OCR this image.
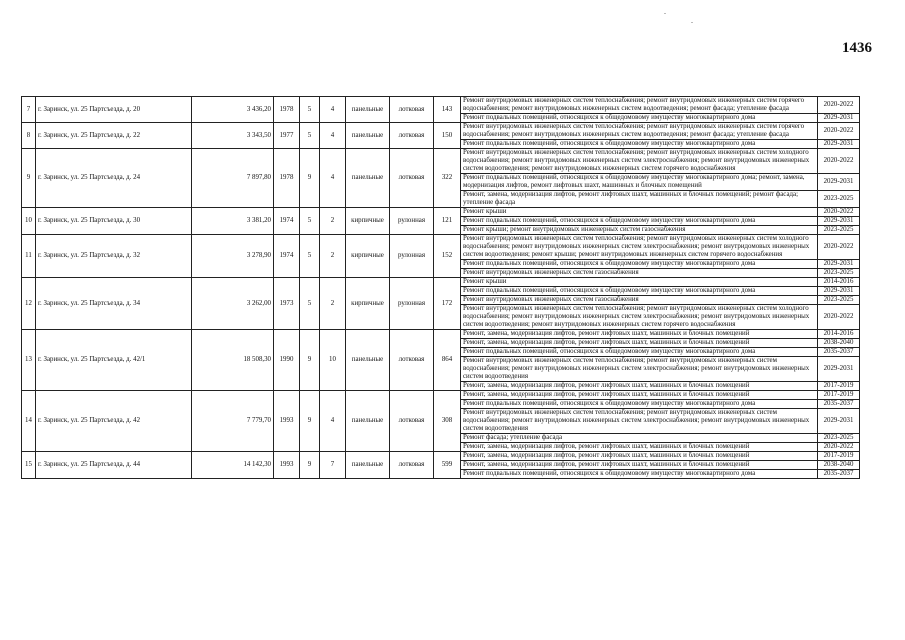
1436
7	г. Заринск, ул. 25 Партсъезда, д. 20	3 436,20	1978	5	4	панельные	лотковая	143	Ремонт внутридомовых инженерных систем теплоснабжения; ремонт внутридомовых инженерных систем горячего водоснабжения; ремонт внутридомовых инженерных систем водоотведения; ремонт фасада; утепление фасада	2020-2022
									Ремонт подвальных помещений, относящихся к общедомовому имуществу многоквартирного дома	2029-2031
8	г. Заринск, ул. 25 Партсъезда, д. 22	3 343,50	1977	5	4	панельные	лотковая	150	Ремонт внутридомовых инженерных систем теплоснабжения; ремонт внутридомовых инженерных систем горячего водоснабжения; ремонт внутридомовых инженерных систем водоотведения; ремонт фасада; утепление фасада	2020-2022
									Ремонт подвальных помещений, относящихся к общедомовому имуществу многоквартирного дома	2029-2031
9	г. Заринск, ул. 25 Партсъезда, д. 24	7 897,80	1978	9	4	панельные	лотковая	322	Ремонт внутридомовых инженерных систем теплоснабжения; ремонт внутридомовых инженерных систем холодного водоснабжения; ремонт внутридомовых инженерных систем электроснабжения; ремонт внутридомовых инженерных систем водоотведения; ремонт внутридомовых инженерных систем горячего водоснабжения	2020-2022
									Ремонт подвальных помещений, относящихся к общедомовому имуществу многоквартирного дома; ремонт, замена, модернизация лифтов, ремонт лифтовых шахт, машинных и блочных помещений	2029-2031
									Ремонт, замена, модернизация лифтов, ремонт лифтовых шахт, машинных и блочных помещений; ремонт фасада; утепление фасада	2023-2025
10	г. Заринск, ул. 25 Партсъезда, д. 30	3 381,20	1974	5	2	кирпичные	рулонная	121	Ремонт крыши	2020-2022
									Ремонт подвальных помещений, относящихся к общедомовому имуществу многоквартирного дома	2029-2031
									Ремонт крыши; ремонт внутридомовых инженерных систем газоснабжения	2023-2025
11	г. Заринск, ул. 25 Партсъезда, д. 32	3 278,90	1974	5	2	кирпичные	рулонная	152	Ремонт внутридомовых инженерных систем теплоснабжения; ремонт внутридомовых инженерных систем холодного водоснабжения; ремонт внутридомовых инженерных систем электроснабжения; ремонт внутридомовых инженерных систем водоотведения; ремонт крыши; ремонт внутридомовых инженерных систем горячего водоснабжения	2020-2022
									Ремонт подвальных помещений, относящихся к общедомовому имуществу многоквартирного дома	2029-2031
									Ремонт внутридомовых инженерных систем газоснабжения	2023-2025
12	г. Заринск, ул. 25 Партсъезда, д. 34	3 262,00	1973	5	2	кирпичные	рулонная	172	Ремонт крыши	2014-2016
									Ремонт подвальных помещений, относящихся к общедомовому имуществу многоквартирного дома	2029-2031
									Ремонт внутридомовых инженерных систем газоснабжения	2023-2025
									Ремонт внутридомовых инженерных систем теплоснабжения; ремонт внутридомовых инженерных систем холодного водоснабжения; ремонт внутридомовых инженерных систем электроснабжения; ремонт внутридомовых инженерных систем водоотведения; ремонт внутридомовых инженерных систем горячего водоснабжения	2020-2022
13	г. Заринск, ул. 25 Партсъезда, д. 42/1	18 508,30	1990	9	10	панельные	лотковая	864	Ремонт, замена, модернизация лифтов, ремонт лифтовых шахт, машинных и блочных помещений	2014-2016
									Ремонт, замена, модернизация лифтов, ремонт лифтовых шахт, машинных и блочных помещений	2038-2040
									Ремонт подвальных помещений, относящихся к общедомовому имуществу многоквартирного дома	2035-2037
									Ремонт внутридомовых инженерных систем теплоснабжения; ремонт внутридомовых инженерных систем водоснабжения; ремонт внутридомовых инженерных систем электроснабжения; ремонт внутридомовых инженерных систем водоотведения	2029-2031
									Ремонт, замена, модернизация лифтов, ремонт лифтовых шахт, машинных и блочных помещений	2017-2019
14	г. Заринск, ул. 25 Партсъезда, д. 42	7 779,70	1993	9	4	панельные	лотковая	308	Ремонт, замена, модернизация лифтов, ремонт лифтовых шахт, машинных и блочных помещений	2017-2019
									Ремонт подвальных помещений, относящихся к общедомовому имуществу многоквартирного дома	2035-2037
									Ремонт внутридомовых инженерных систем теплоснабжения; ремонт внутридомовых инженерных систем водоснабжения; ремонт внутридомовых инженерных систем электроснабжения; ремонт внутридомовых инженерных систем водоотведения	2029-2031
									Ремонт фасада; утепление фасада	2023-2025
									Ремонт, замена, модернизация лифтов, ремонт лифтовых шахт, машинных и блочных помещений	2020-2022
15	г. Заринск, ул. 25 Партсъезда, д. 44	14 142,30	1993	9	7	панельные	лотковая	599	Ремонт, замена, модернизация лифтов, ремонт лифтовых шахт, машинных и блочных помещений	2017-2019
									Ремонт, замена, модернизация лифтов, ремонт лифтовых шахт, машинных и блочных помещений	2038-2040
									Ремонт подвальных помещений, относящихся к общедомовому имуществу многоквартирного дома	2035-2037
